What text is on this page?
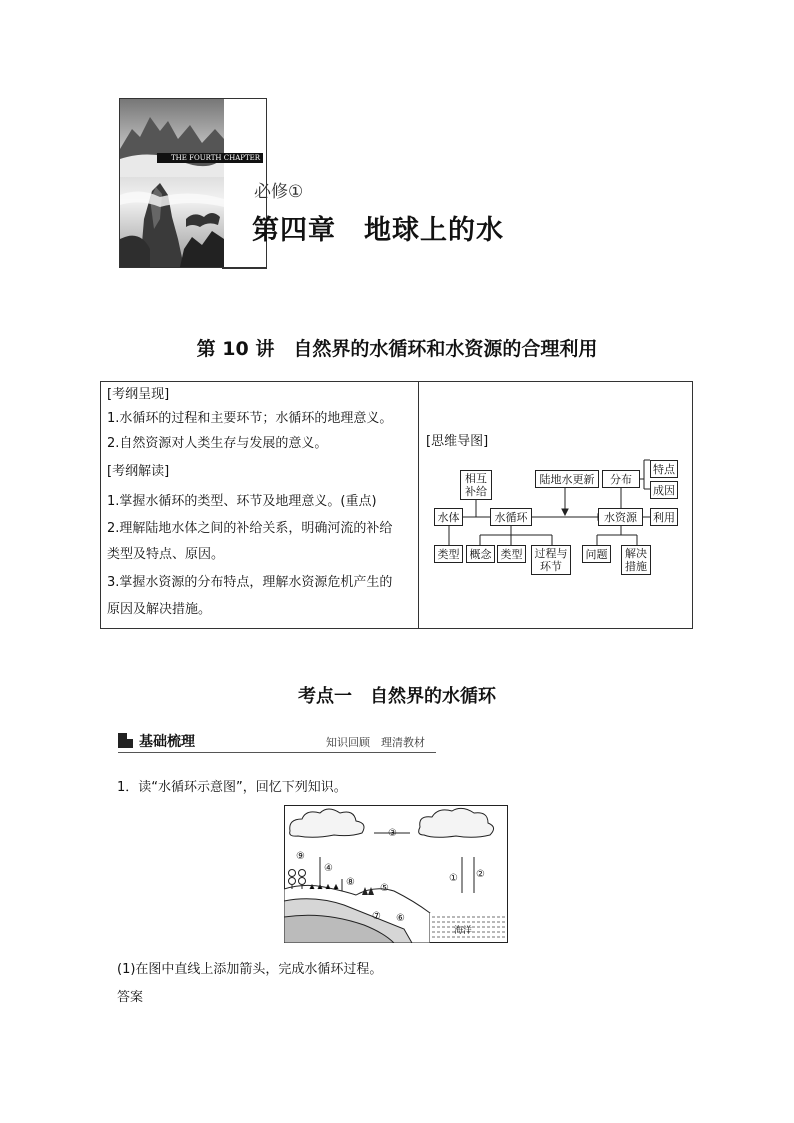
THE FOURTH CHAPTER
必修①
第四章　地球上的水
第 10 讲　自然界的水循环和水资源的合理利用
[考纲呈现]
1.水循环的过程和主要环节；水循环的地理意义。
2.自然资源对人类生存与发展的意义。
[考纲解读]
1.掌握水循环的类型、环节及地理意义。(重点)
2.理解陆地水体之间的补给关系，明确河流的补给
类型及特点、原因。
3.掌握水资源的分布特点，理解水资源危机产生的
原因及解决措施。
[思维导图]
相互补给
陆地水更新	分布
特点
成因
水体	水循环	水资源	利用
类型 概念 类型	过程与环节
问题	解决措施
考点一　自然界的水循环
基础梳理	知识回顾　理清教材
1．读“水循环示意图”，回忆下列知识。
③
⑨
④
⑧
⑤
① ②
⑦ ⑥
海洋
(1)在图中直线上添加箭头，完成水循环过程。
答案
